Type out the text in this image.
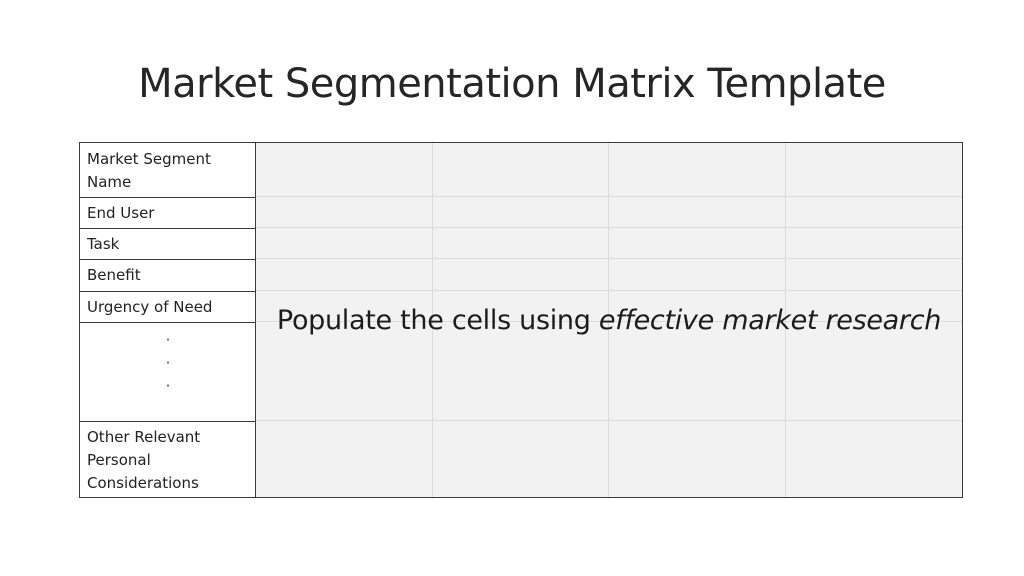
Market Segmentation Matrix Template
Market Segment Name
End User
Task
Benefit
Urgency of Need
·
·
·
Other Relevant Personal Considerations
Populate the cells using effective market research
